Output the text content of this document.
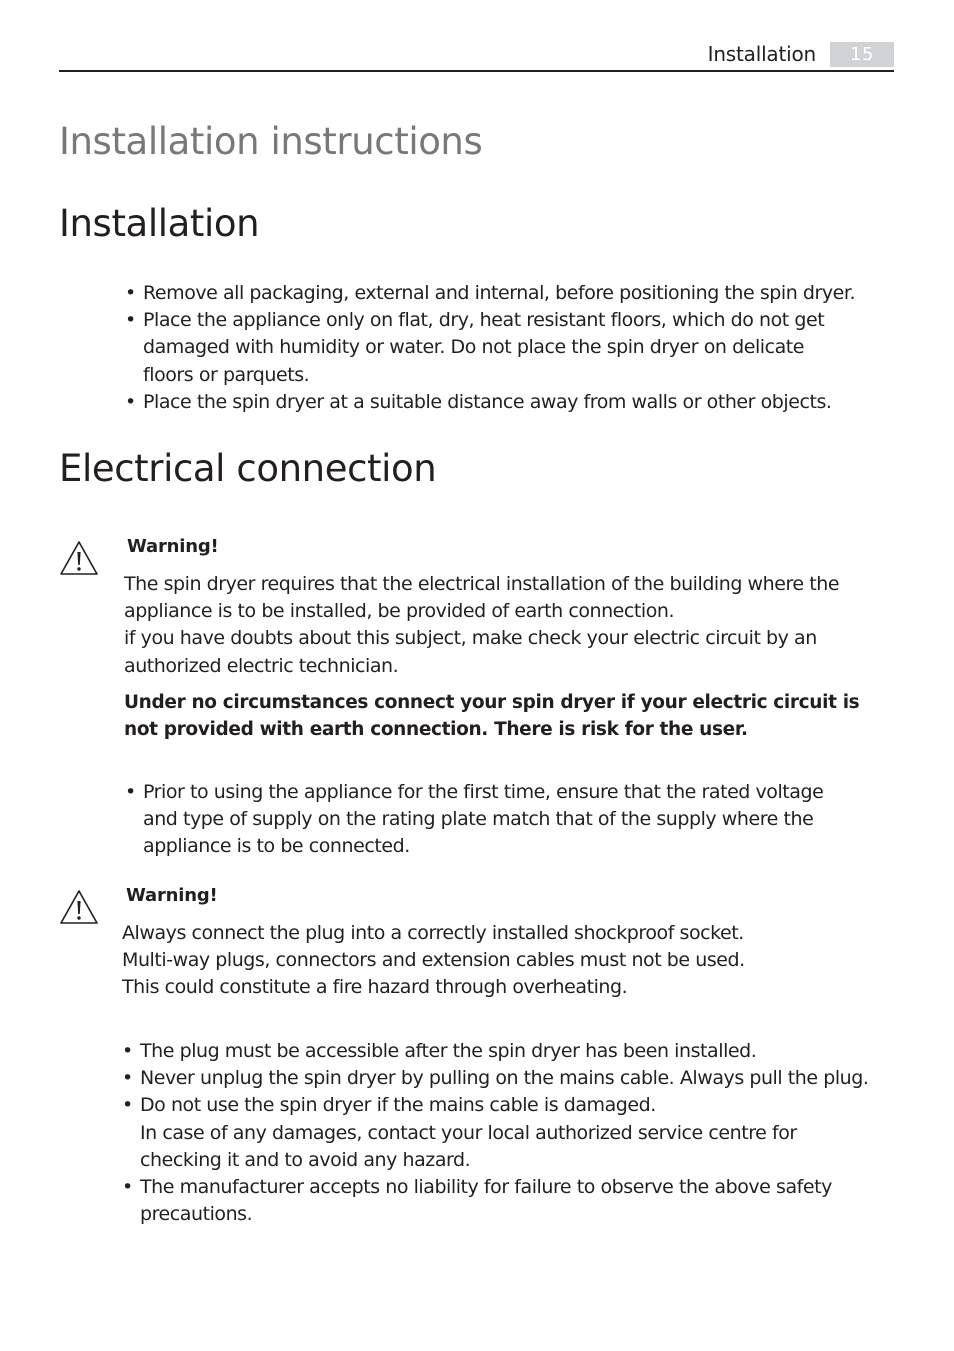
Installation	15
Installation instructions
Installation
• Remove all packaging, external and internal, before positioning the spin dryer.
• Place the appliance only on flat, dry, heat resistant floors, which do not get
damaged with humidity or water. Do not place the spin dryer on delicate
floors or parquets.
• Place the spin dryer at a suitable distance away from walls or other objects.
Electrical connection
Warning!

The spin dryer requires that the electrical installation of the building where the
appliance is to be installed, be provided of earth connection.
if you have doubts about this subject, make check your electric circuit by an
authorized electric technician.

Under no circumstances connect your spin dryer if your electric circuit is
not provided with earth connection. There is risk for the user.

• Prior to using the appliance for the first time, ensure that the rated voltage
and type of supply on the rating plate match that of the supply where the
appliance is to be connected.
Warning!

Always connect the plug into a correctly installed shockproof socket.
Multi-way plugs, connectors and extension cables must not be used.
This could constitute a fire hazard through overheating.

• The plug must be accessible after the spin dryer has been installed.
• Never unplug the spin dryer by pulling on the mains cable. Always pull the plug.
• Do not use the spin dryer if the mains cable is damaged.
In case of any damages, contact your local authorized service centre for
checking it and to avoid any hazard.
• The manufacturer accepts no liability for failure to observe the above safety
precautions.
